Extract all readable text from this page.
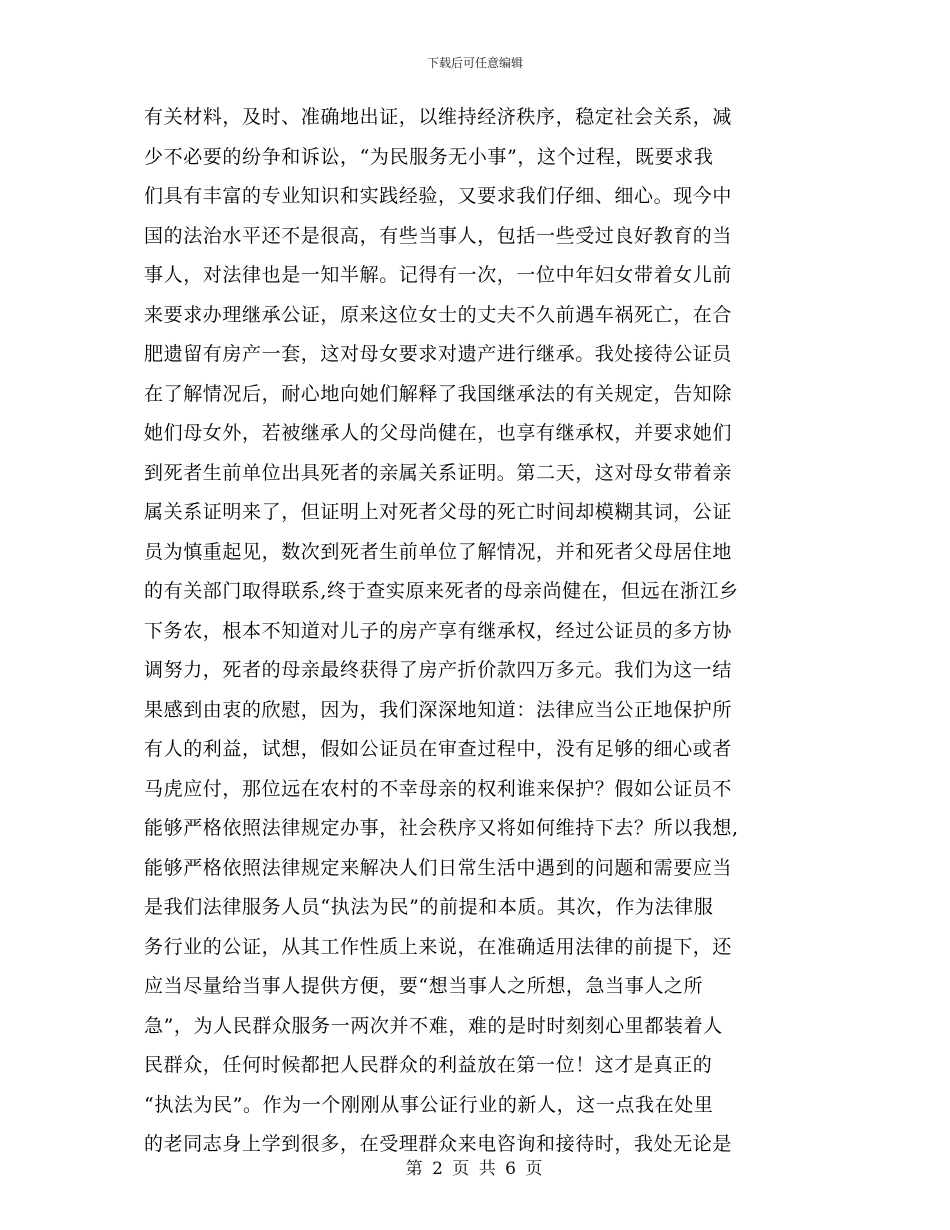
下载后可任意编辑
有关材料，及时、准确地出证，以维持经济秩序，稳定社会关系，减
少不必要的纷争和诉讼，“为民服务无小事”，这个过程，既要求我
们具有丰富的专业知识和实践经验，又要求我们仔细、细心。现今中
国的法治水平还不是很高，有些当事人，包括一些受过良好教育的当
事人，对法律也是一知半解。记得有一次，一位中年妇女带着女儿前
来要求办理继承公证，原来这位女士的丈夫不久前遇车祸死亡，在合
肥遗留有房产一套，这对母女要求对遗产进行继承。我处接待公证员
在了解情况后，耐心地向她们解释了我国继承法的有关规定，告知除
她们母女外，若被继承人的父母尚健在，也享有继承权，并要求她们
到死者生前单位出具死者的亲属关系证明。第二天，这对母女带着亲
属关系证明来了，但证明上对死者父母的死亡时间却模糊其词，公证
员为慎重起见，数次到死者生前单位了解情况，并和死者父母居住地
的有关部门取得联系,终于查实原来死者的母亲尚健在，但远在浙江乡
下务农，根本不知道对儿子的房产享有继承权，经过公证员的多方协
调努力，死者的母亲最终获得了房产折价款四万多元。我们为这一结
果感到由衷的欣慰，因为，我们深深地知道：法律应当公正地保护所
有人的利益，试想，假如公证员在审查过程中，没有足够的细心或者
马虎应付，那位远在农村的不幸母亲的权利谁来保护？假如公证员不
能够严格依照法律规定办事，社会秩序又将如何维持下去？所以我想,
能够严格依照法律规定来解决人们日常生活中遇到的问题和需要应当
是我们法律服务人员“执法为民”的前提和本质。其次，作为法律服
务行业的公证，从其工作性质上来说，在准确适用法律的前提下，还
应当尽量给当事人提供方便，要“想当事人之所想，急当事人之所
急”，为人民群众服务一两次并不难，难的是时时刻刻心里都装着人
民群众，任何时候都把人民群众的利益放在第一位！这才是真正的
“执法为民”。作为一个刚刚从事公证行业的新人，这一点我在处里
的老同志身上学到很多，在受理群众来电咨询和接待时，我处无论是
第 2 页 共 6 页
